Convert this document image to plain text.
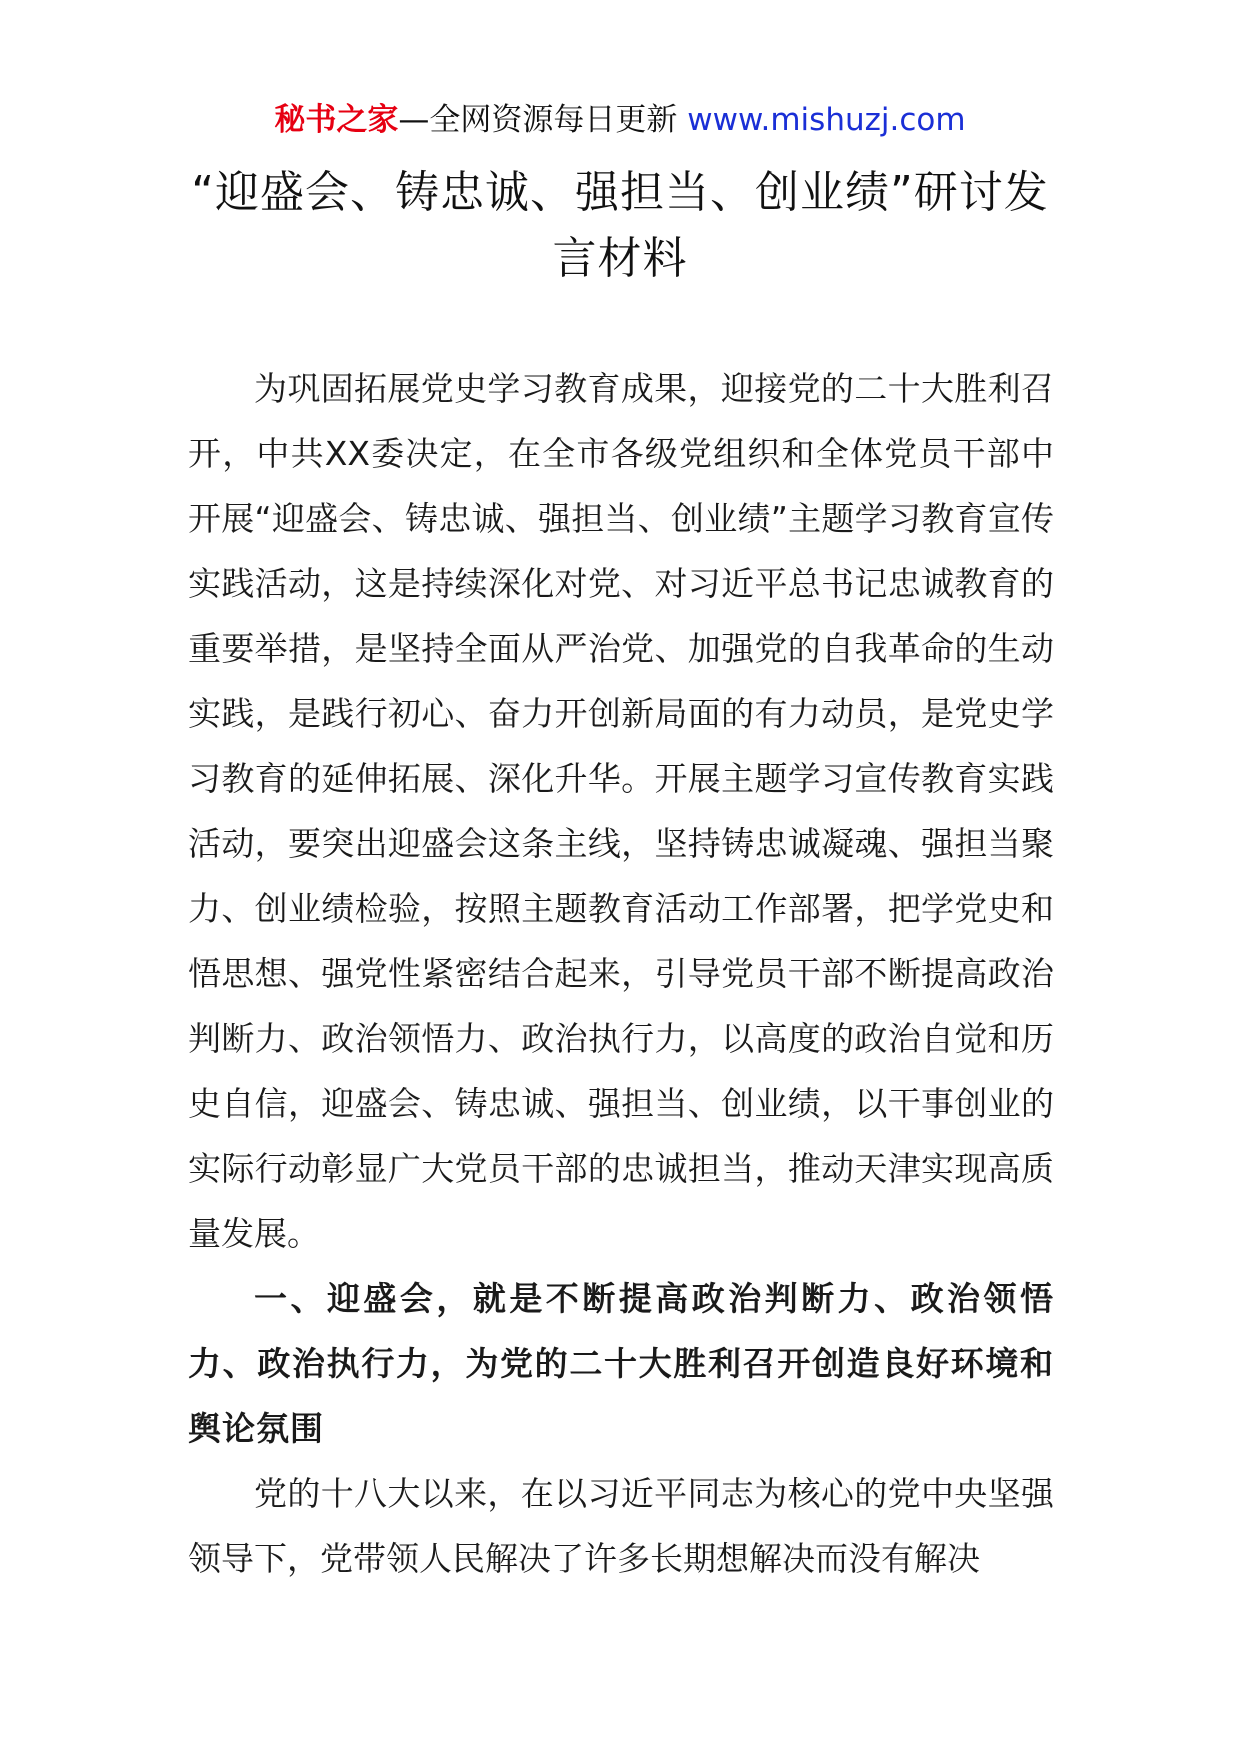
秘书之家—全网资源每日更新 www.mishuzj.com
“迎盛会、铸忠诚、强担当、创业绩”研讨发言材料

为巩固拓展党史学习教育成果，迎接党的二十大胜利召开，中共XX委决定，在全市各级党组织和全体党员干部中开展“迎盛会、铸忠诚、强担当、创业绩”主题学习教育宣传实践活动，这是持续深化对党、对习近平总书记忠诚教育的重要举措，是坚持全面从严治党、加强党的自我革命的生动实践，是践行初心、奋力开创新局面的有力动员，是党史学习教育的延伸拓展、深化升华。开展主题学习宣传教育实践活动，要突出迎盛会这条主线，坚持铸忠诚凝魂、强担当聚力、创业绩检验，按照主题教育活动工作部署，把学党史和悟思想、强党性紧密结合起来，引导党员干部不断提高政治判断力、政治领悟力、政治执行力，以高度的政治自觉和历史自信，迎盛会、铸忠诚、强担当、创业绩，以干事创业的实际行动彰显广大党员干部的忠诚担当，推动天津实现高质量发展。

一、迎盛会，就是不断提高政治判断力、政治领悟力、政治执行力，为党的二十大胜利召开创造良好环境和舆论氛围

党的十八大以来，在以习近平同志为核心的党中央坚强领导下，党带领人民解决了许多长期想解决而没有解决
